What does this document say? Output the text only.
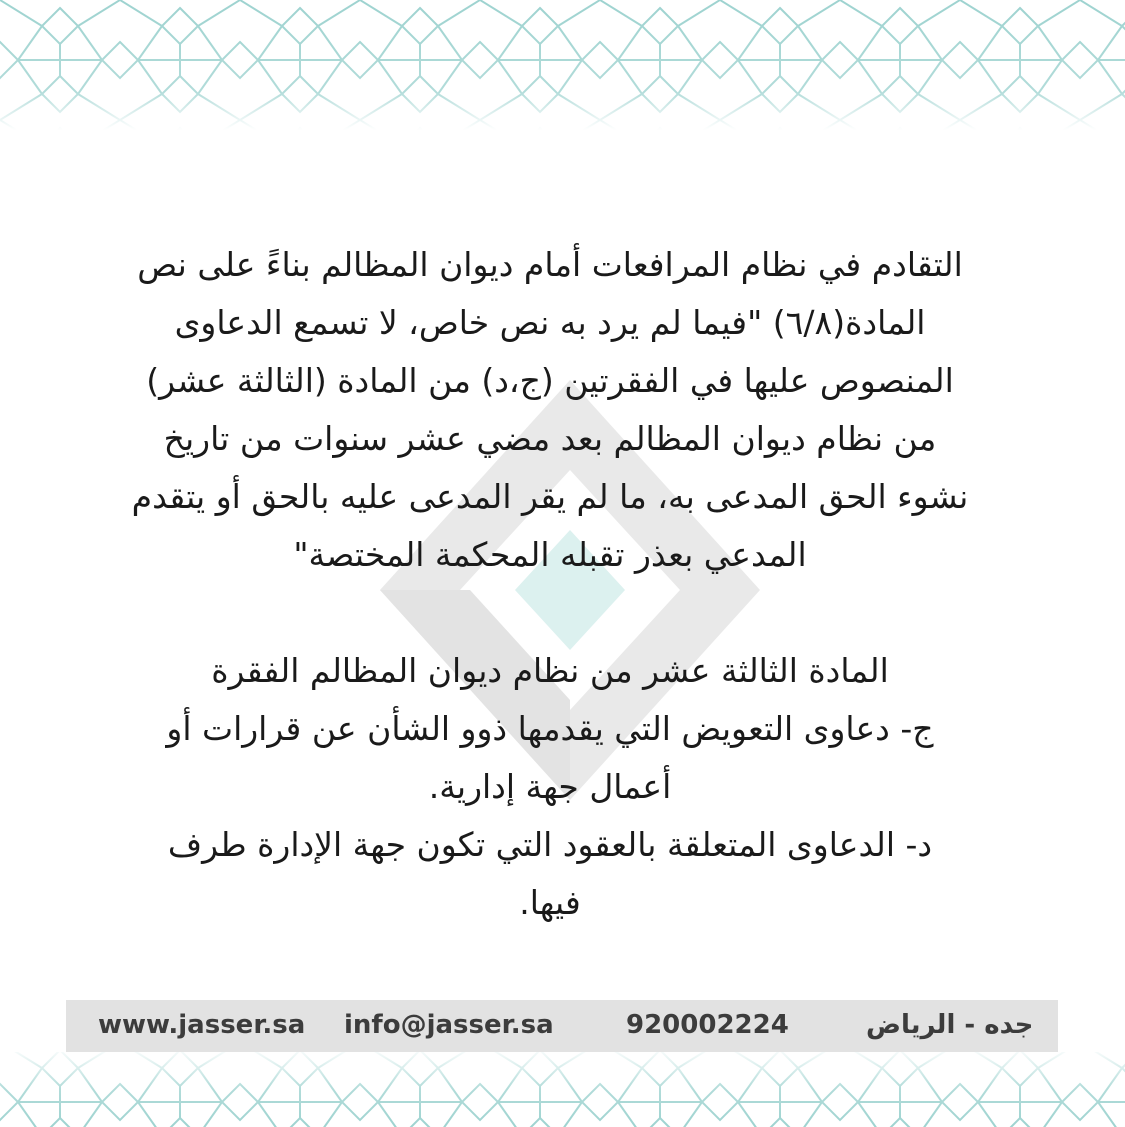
التقادم في نظام المرافعات أمام ديوان المظالم بناءً على نص

المادة(٦/٨) "فيما لم يرد به نص خاص، لا تسمع الدعاوى

المنصوص عليها في الفقرتين (ج،د) من المادة (الثالثة عشر)

من نظام ديوان المظالم بعد مضي عشر سنوات من تاريخ

نشوء الحق المدعى به، ما لم يقر المدعى عليه بالحق أو يتقدم

المدعي بعذر تقبله المحكمة المختصة"

المادة الثالثة عشر من نظام ديوان المظالم الفقرة

ج- دعاوى التعويض التي يقدمها ذوو الشأن عن قرارات أو

أعمال جهة إدارية.

د- الدعاوى المتعلقة بالعقود التي تكون جهة الإدارة طرف

فيها.

www.jasser.sa info@jasser.sa	920002224	جده - الرياض
